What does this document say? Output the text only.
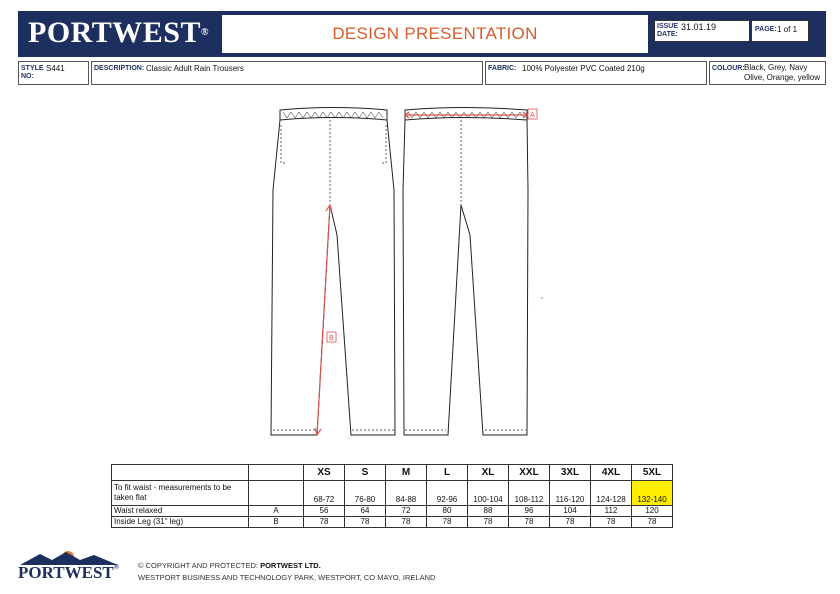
PORTWEST®	DESIGN PRESENTATION	ISSUE
DATE:
31.01.19	PAGE: 1 of 1
STYLE
NO:
S441	DESCRIPTION: Classic Adult Rain Trousers	FABRIC: 100% Polyester PVC Coated 210g	COLOUR: Black, Grey, Navy
Olive, Orange, yellow
A
B
		XS	S	M	L	XL	XXL	3XL	4XL	5XL

To fit waist - measurements to be
taken flat		68-72	76-80	84-88	92-96	100-104	108-112	116-120	124-128	132-140
Waist relaxed	A	56	64	72	80	88	96	104	112	120
Inside Leg (31" leg)	B	78	78	78	78	78	78	78	78	78
PORTWEST®	© COPYRIGHT AND PROTECTED: PORTWEST LTD.
WESTPORT BUSINESS AND TECHNOLOGY PARK, WESTPORT, CO MAYO, IRELAND
